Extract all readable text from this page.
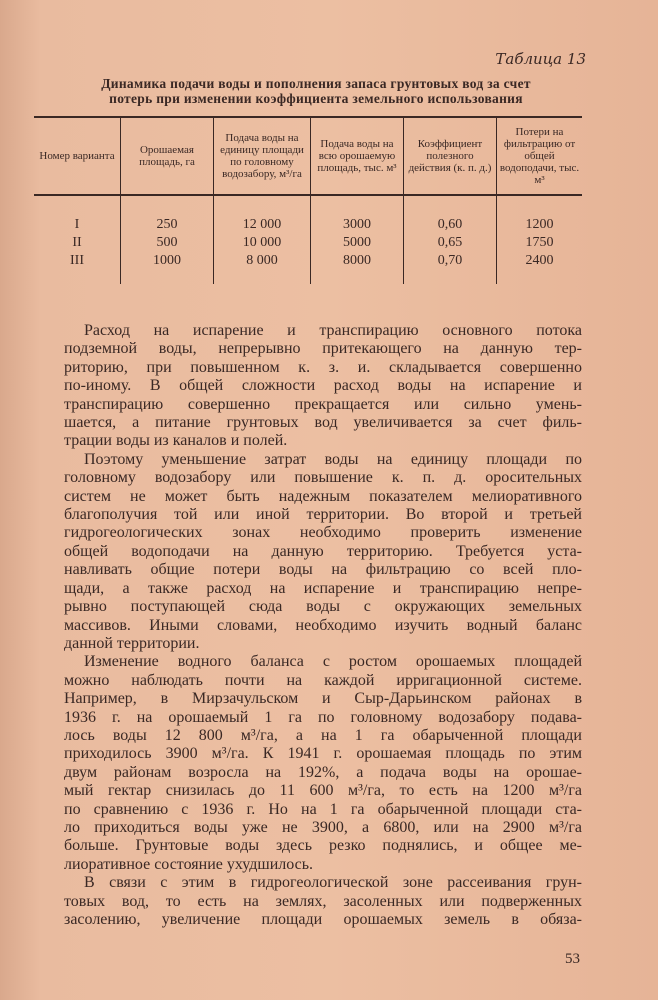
Таблица 13
Динамика подачи воды и пополнения запаса грунтовых вод за счет
потерь при изменении коэффициента земельного использования
Номер варианта	Орошаемая площадь, га	Подача воды на единицу площади по головному водозабору, м³/га	Подача воды на всю орошаемую площадь, тыс. м³	Коэффициент полезного действия (к. п. д.)	Потери на фильтрацию от общей водоподачи, тыс. м³
I	250	12 000	3000	0,60	1200
II	500	10 000	5000	0,65	1750
III	1000	8 000	8000	0,70	2400

Расход на испарение и транспирацию основного потока
подземной воды, непрерывно притекающего на данную тер-
риторию, при повышенном к. з. и. складывается совершенно
по-иному. В общей сложности расход воды на испарение и
транспирацию совершенно прекращается или сильно умень-
шается, а питание грунтовых вод увеличивается за счет филь-
трации воды из каналов и полей.
Поэтому уменьшение затрат воды на единицу площади по
головному водозабору или повышение к. п. д. оросительных
систем не может быть надежным показателем мелиоративного
благополучия той или иной территории. Во второй и третьей
гидрогеологических зонах необходимо проверить изменение
общей водоподачи на данную территорию. Требуется уста-
навливать общие потери воды на фильтрацию со всей пло-
щади, а также расход на испарение и транспирацию непре-
рывно поступающей сюда воды с окружающих земельных
массивов. Иными словами, необходимо изучить водный баланс
данной территории.
Изменение водного баланса с ростом орошаемых площадей
можно наблюдать почти на каждой ирригационной системе.
Например, в Мирзачульском и Сыр-Дарьинском районах в
1936 г. на орошаемый 1 га по головному водозабору подава-
лось воды 12 800 м³/га, а на 1 га обарыченной площади
приходилось 3900 м³/га. К 1941 г. орошаемая площадь по этим
двум районам возросла на 192%, а подача воды на орошае-
мый гектар снизилась до 11 600 м³/га, то есть на 1200 м³/га
по сравнению с 1936 г. Но на 1 га обарыченной площади ста-
ло приходиться воды уже не 3900, а 6800, или на 2900 м³/га
больше. Грунтовые воды здесь резко поднялись, и общее ме-
лиоративное состояние ухудшилось.
В связи с этим в гидрогеологической зоне рассеивания грун-
товых вод, то есть на землях, засоленных или подверженных
засолению, увеличение площади орошаемых земель в обяза-
53
